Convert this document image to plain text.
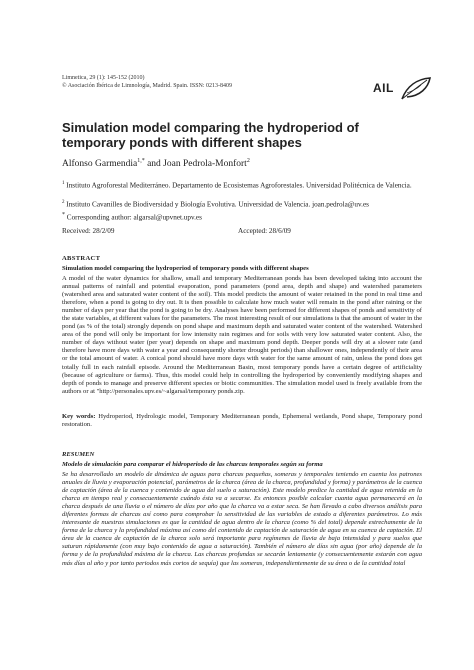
Limnetica, 29 (1): 145-152 (2010)
© Asociación Ibérica de Limnología, Madrid. Spain. ISSN: 0213-8409	AIL
Simulation model comparing the hydroperiod of temporary ponds with different shapes
Alfonso Garmendia$^{1,*}$ and Joan Pedrola-Monfort$^2$
$^1$ Instituto Agroforestal Mediterráneo. Departamento de Ecosistemas Agroforestales. Universidad Politécnica de Valencia.
$^2$ Instituto Cavanilles de Biodiversidad y Biología Evolutiva. Universidad de Valencia. joan.pedrola@uv.es
* Corresponding author: algarsal@upvnet.upv.es
Received: 28/2/09	Accepted: 28/6/09
ABSTRACT
Simulation model comparing the hydroperiod of temporary ponds with different shapes
A model of the water dynamics for shallow, small and temporary Mediterranean ponds has been developed taking into account the annual patterns of rainfall and potential evaporation, pond parameters (pond area, depth and shape) and watershed parameters (watershed area and saturated water content of the soil). This model predicts the amount of water retained in the pond in real time and therefore, when a pond is going to dry out. It is then possible to calculate how much water will remain in the pond after raining or the number of days per year that the pond is going to be dry. Analyses have been performed for different shapes of ponds and sensitivity of the state variables, at different values for the parameters. The most interesting result of our simulations is that the amount of water in the pond (as % of the total) strongly depends on pond shape and maximum depth and saturated water content of the watershed. Watershed area of the pond will only be important for low intensity rain regimes and for soils with very low saturated water content. Also, the number of days without water (per year) depends on shape and maximum pond depth. Deeper ponds will dry at a slower rate (and therefore have more days with water a year and consequently shorter drought periods) than shallower ones, independently of their area or the total amount of water. A conical pond should have more days with water for the same amount of rain, unless the pond does get totally full in each rainfall episode. Around the Mediterranean Basin, most temporary ponds have a certain degree of artificiality (because of agriculture or farms). Thus, this model could help in controlling the hydroperiod by conveniently modifying shapes and depth of ponds to manage and preserve different species or biotic communities. The simulation model used is freely available from the authors or at "http://personales.upv.es/~algarsal/temporary ponds.zip.
Key words: Hydroperiod, Hydrologic model, Temporary Mediterranean ponds, Ephemeral wetlands, Pond shape, Temporary pond restoration.
RESUMEN
Modelo de simulación para comparar el hidroperiodo de las charcas temporales según su forma
Se ha desarrollado un modelo de dinámica de aguas para charcas pequeñas, someras y temporales teniendo en cuenta los patrones anuales de lluvia y evaporación potencial, parámetros de la charca (área de la charca, profundidad y forma) y parámetros de la cuenca de captación (área de la cuenca y contenido de agua del suelo a saturación). Este modelo predice la cantidad de agua retenida en la charca en tiempo real y consecuentemente cuándo ésta va a secarse. Es entonces posible calcular cuanta agua permanecerá en la charca después de una lluvia o el número de días por año que la charca va a estar seca. Se han llevado a cabo diversos análisis para diferentes formas de charcas así como para comprobar la sensitividad de las variables de estado a diferentes parámetros. Lo más interesante de nuestras simulaciones es que la cantidad de agua dentro de la charca (como % del total) depende estrechamente de la forma de la charca y la profundidad máxima así como del contenido de captación de saturación de agua en su cuenca de captación. El área de la cuenca de captación de la charca solo será importante para regímenes de lluvia de baja intensidad y para suelos que saturan rápidamente (con muy bajo contenido de agua a saturación). También el número de días sin agua (por año) depende de la forma y de la profundidad máxima de la charca. Las charcas profundas se secarán lentamente (y consecuentemente estarán con agua más días al año y por tanto periodos más cortos de sequía) que las someras, independientemente de su área o de la cantidad total
